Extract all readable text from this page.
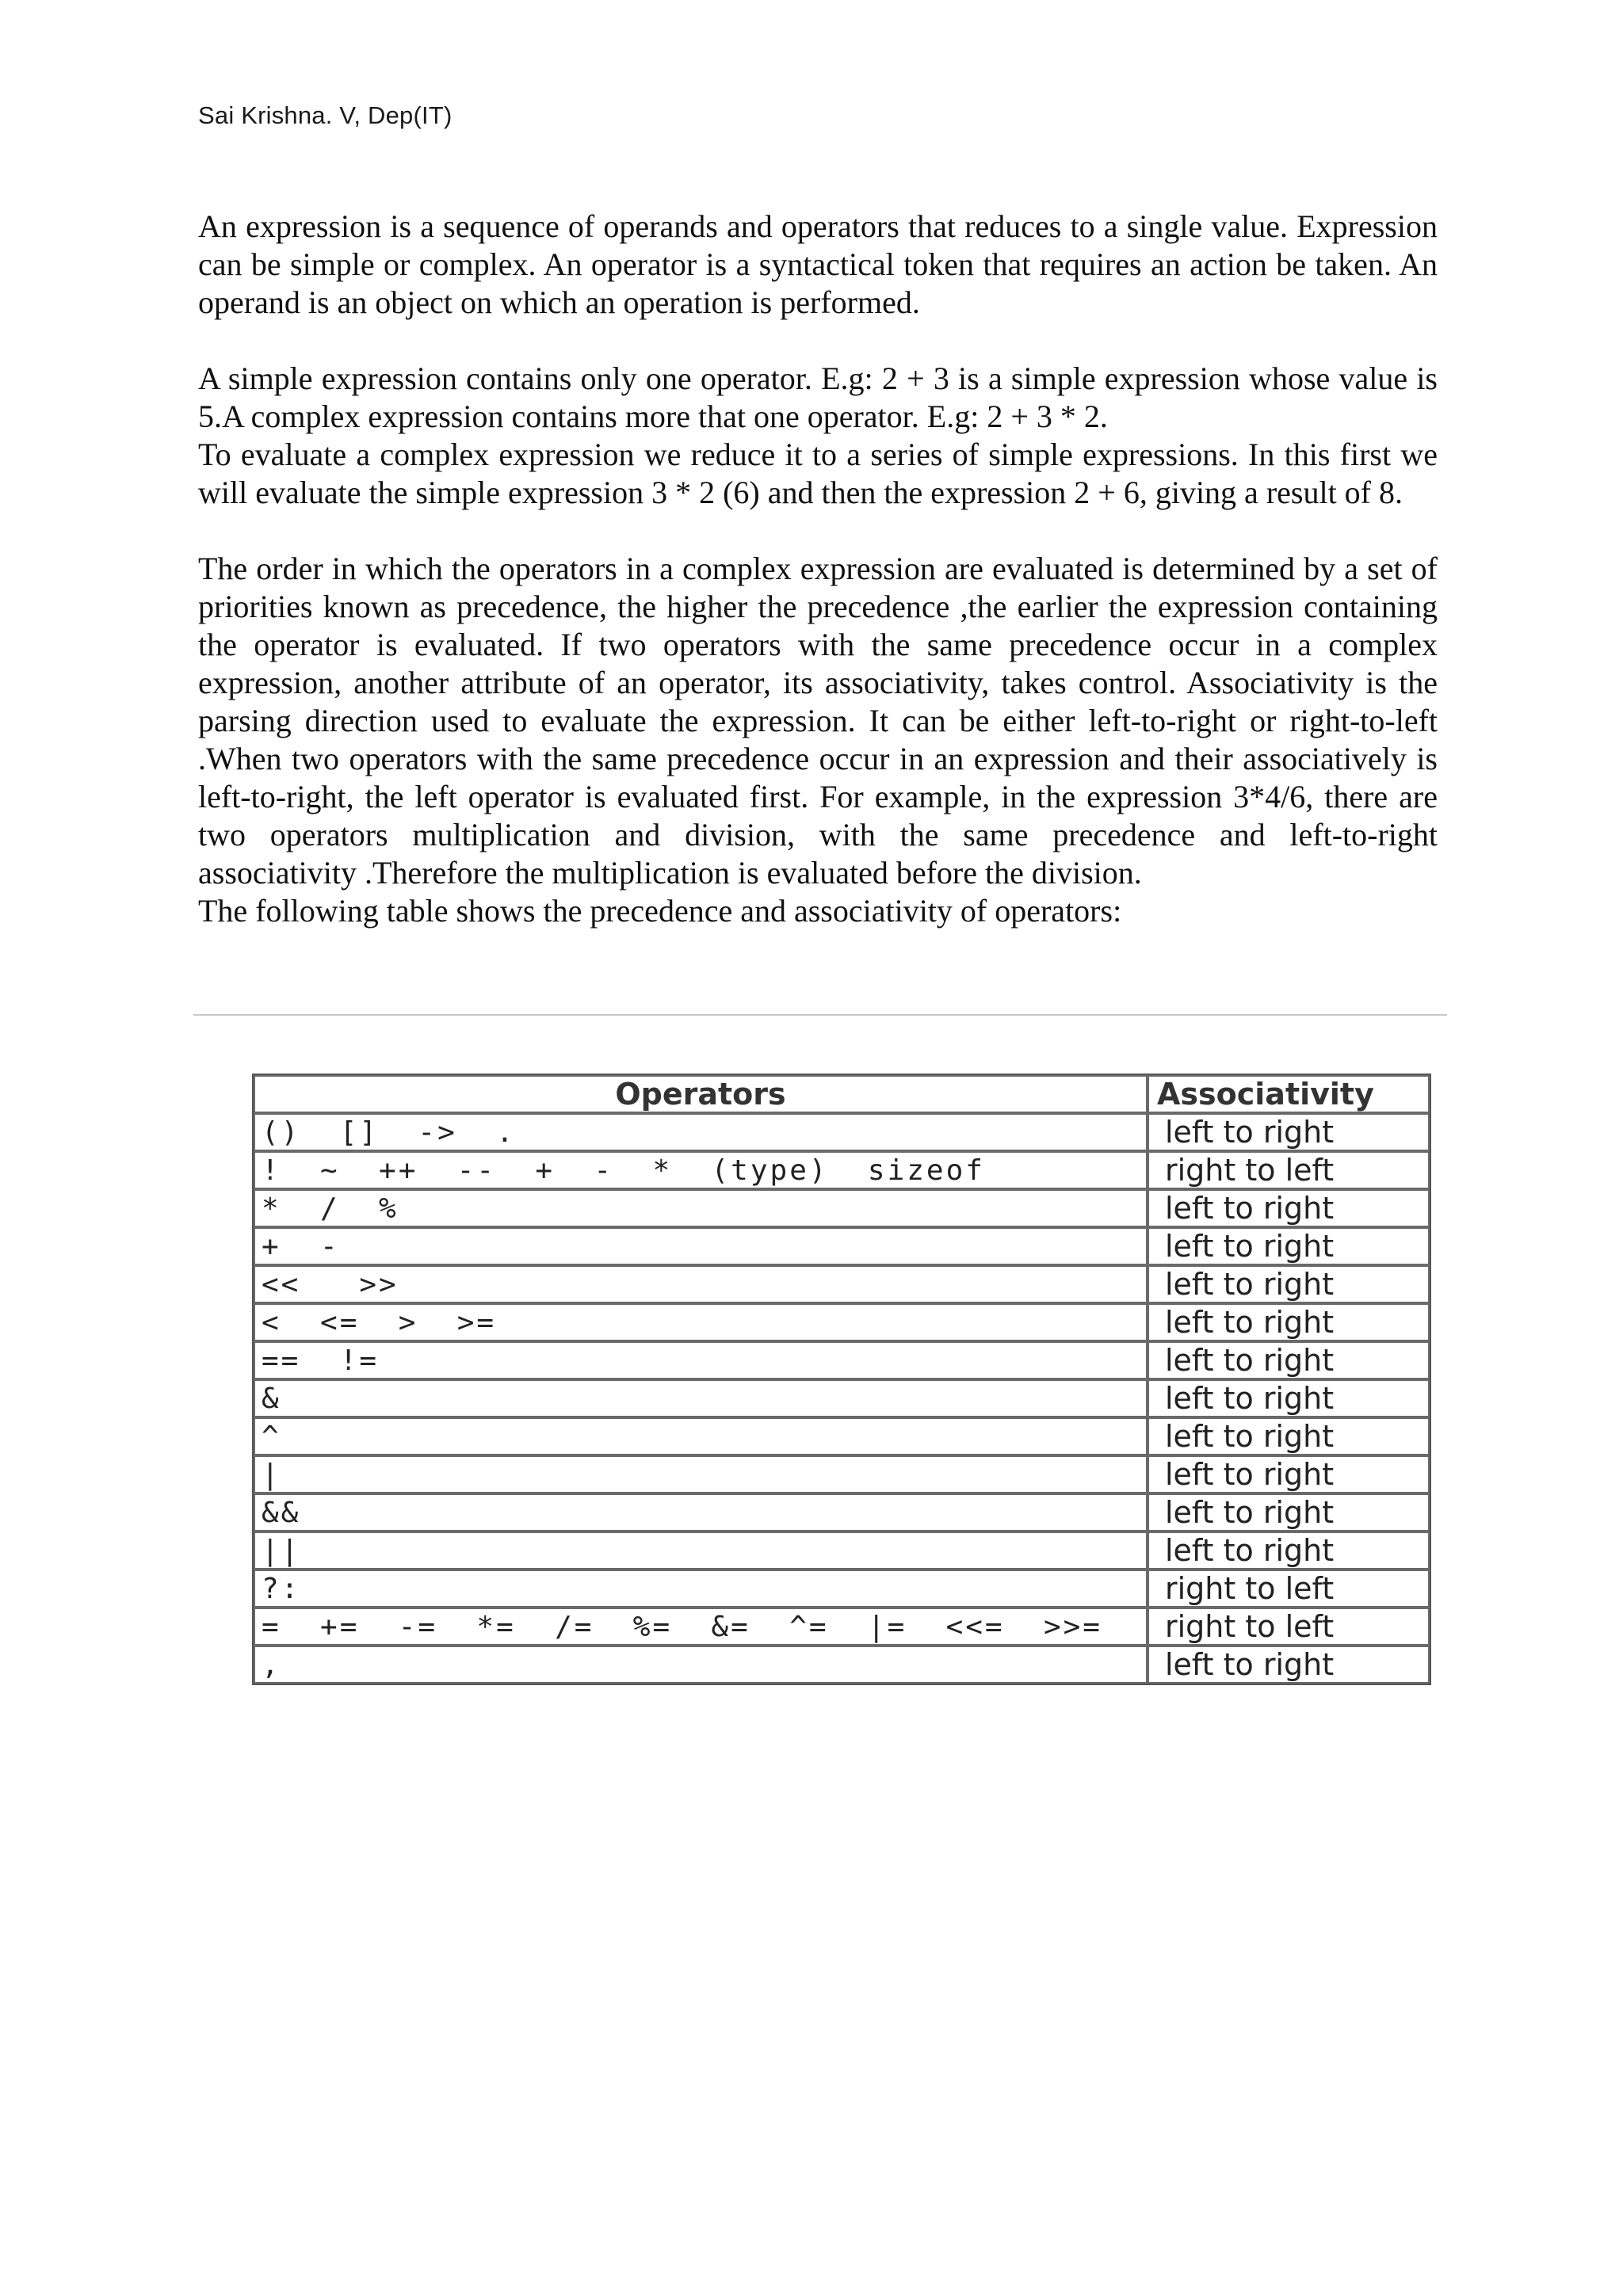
Sai Krishna. V, Dep(IT)

An expression is a sequence of operands and operators that reduces to a single value. Expression can be simple or complex. An operator is a syntactical token that requires an action be taken. An operand is an object on which an operation is performed.

A simple expression contains only one operator. E.g: 2 + 3 is a simple expression whose value is 5.A complex expression contains more that one operator. E.g: 2 + 3 * 2.

To evaluate a complex expression we reduce it to a series of simple expressions. In this first we will evaluate the simple expression 3 * 2 (6) and then the expression 2 + 6, giving a result of 8.

The order in which the operators in a complex expression are evaluated is determined by a set of priorities known as precedence, the higher the precedence ,the earlier the expression containing the operator is evaluated. If two operators with the same precedence occur in a complex expression, another attribute of an operator, its associativity, takes control. Associativity is the parsing direction used to evaluate the expression. It can be either left-to-right or right-to-left .When two operators with the same precedence occur in an expression and their associatively is left-to-right, the left operator is evaluated first. For example, in the expression 3*4/6, there are two operators multiplication and division, with the same precedence and left-to-right associativity .Therefore the multiplication is evaluated before the division.

The following table shows the precedence and associativity of operators:

Operators	Associativity
()  []  ->  .	left to right
!  ~  ++  --  +  -  *  (type)  sizeof	right to left
*  /  %	left to right
+  -	left to right
<<   >>	left to right
<  <=  >  >=	left to right
==  !=	left to right
&	left to right
^	left to right
|	left to right
&&	left to right
||	left to right
?:	right to left
=  +=  -=  *=  /=  %=  &=  ^=  |=  <<=  >>=	right to left
,	left to right
